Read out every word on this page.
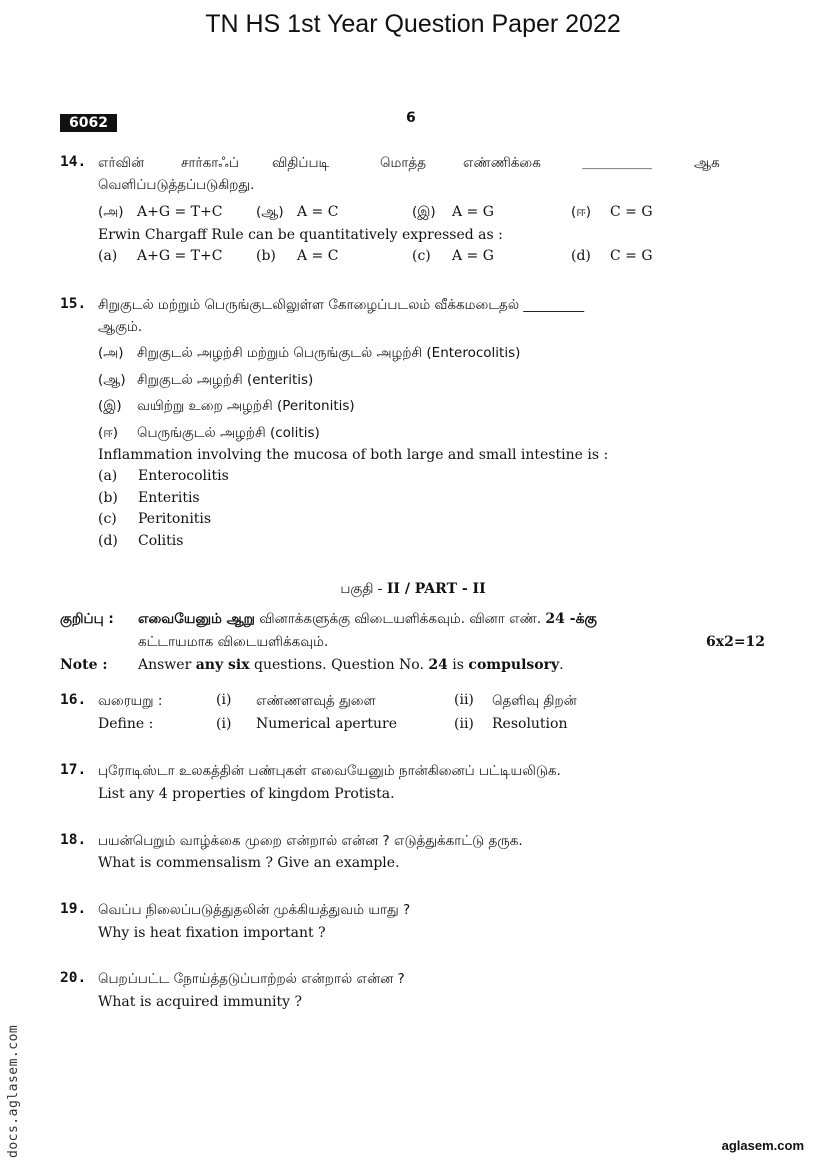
TN HS 1st Year Question Paper 2022
6062	6
14. எர்வின்	சார்காஃப் விதிப்படி	மொத்த	எண்ணிக்கை	__________	ஆக
வெளிப்படுத்தப்படுகிறது.
(அ) A+G = T+C (ஆ) A = C	(இ) A = G	(ஈ) C = G
Erwin Chargaff Rule can be quantitatively expressed as :
(a) A+G = T+C (b) A = C	(c) A = G	(d) C = G
15. சிறுகுடல் மற்றும் பெருங்குடலிலுள்ள கோழைப்படலம் வீக்கமடைதல் _________
ஆகும்.
(அ) சிறுகுடல் அழற்சி மற்றும் பெருங்குடல் அழற்சி (Enterocolitis)
(ஆ) சிறுகுடல் அழற்சி (enteritis)
(இ) வயிற்று உறை அழற்சி (Peritonitis)
(ஈ) பெருங்குடல் அழற்சி (colitis)
Inflammation involving the mucosa of both large and small intestine is :
(a) Enterocolitis
(b) Enteritis
(c) Peritonitis
(d) Colitis
பகுதி - II / PART - II
குறிப்பு : எவையேனும் ஆறு வினாக்களுக்கு விடையளிக்கவும். வினா எண். 24 -க்கு
கட்டாயமாக விடையளிக்கவும்.	6x2=12
Note : Answer any six questions. Question No. 24 is compulsory.
16. வரையறு :	(i) எண்ணளவுத் துளை	(ii) தெளிவு திறன்
Define :	(i) Numerical aperture	(ii) Resolution
17. புரோடிஸ்டா உலகத்தின் பண்புகள் எவையேனும் நான்கினைப் பட்டியலிடுக.
List any 4 properties of kingdom Protista.
18. பயன்பெறும் வாழ்க்கை முறை என்றால் என்ன ? எடுத்துக்காட்டு தருக.
What is commensalism ? Give an example.
19. வெப்ப நிலைப்படுத்துதலின் முக்கியத்துவம் யாது ?
Why is heat fixation important ?
20. பெறப்பட்ட நோய்த்தடுப்பாற்றல் என்றால் என்ன ?
What is acquired immunity ?
docs.aglasem.com	aglasem.com
